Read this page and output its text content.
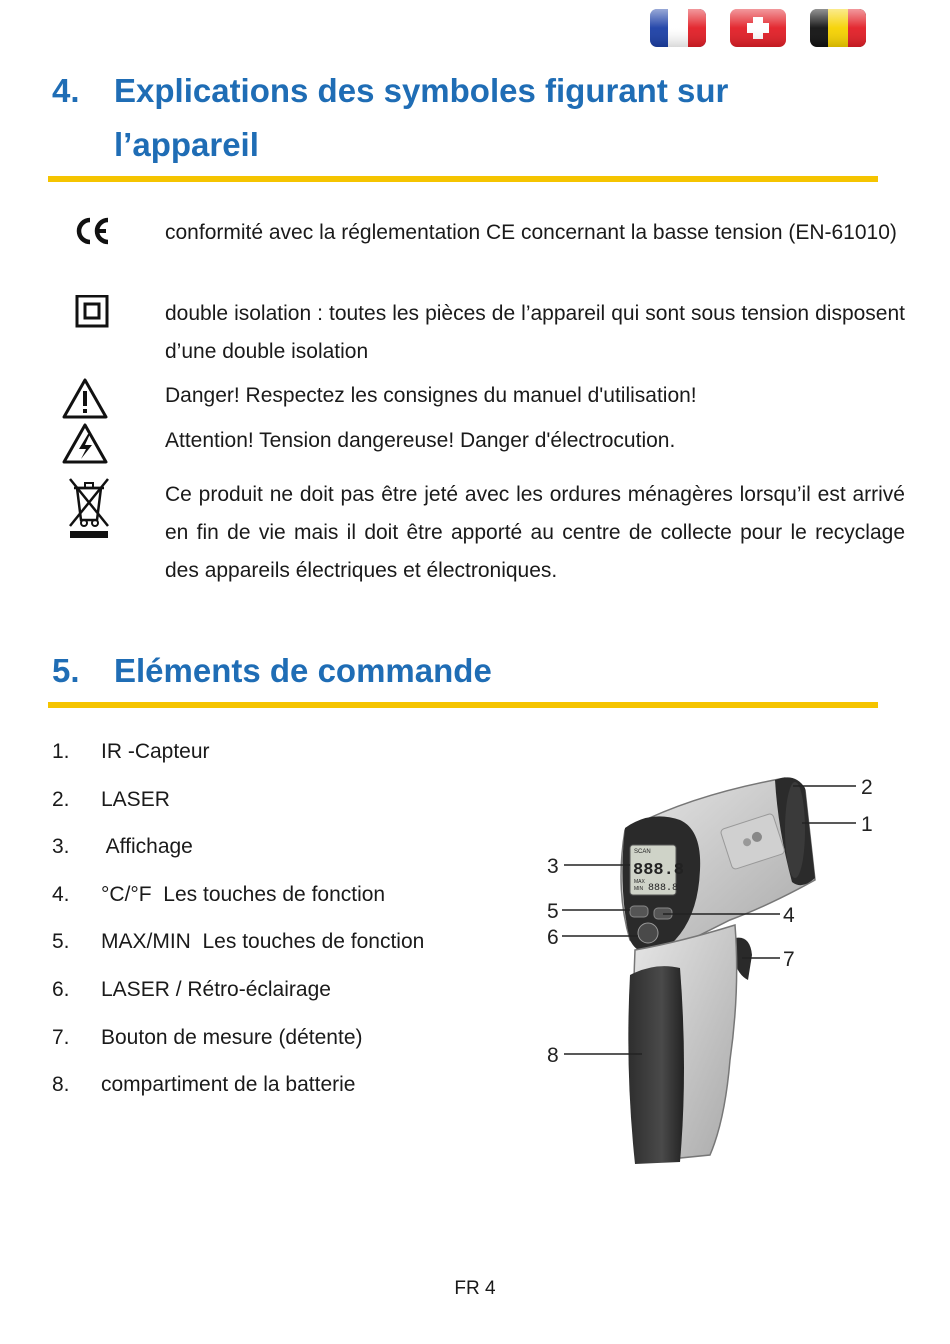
4. Explications des symboles figurant sur l’appareil
conformité avec la réglementation CE concernant la basse tension (EN-61010)
double isolation : toutes les pièces de l’appareil qui sont sous tension disposent d’une double isolation
Danger! Respectez les consignes du manuel d'utilisation!
Attention! Tension dangereuse! Danger d'électrocution.
Ce produit ne doit pas être jeté avec les ordures ménagères lorsqu’il est arrivé en fin de vie mais il doit être apporté au centre de collecte pour le recyclage des appareils électriques et électroniques.
5. Eléments de commande
1. IR -Capteur
2. LASER
3. Affichage
4. °C/°F  Les touches de fonction
5. MAX/MIN  Les touches de fonction
6. LASER / Rétro-éclairage
7. Bouton de mesure (détente)
8. compartiment de la batterie
SCAN
888.8
MAX
MIN 888.8
2
1
3
4
5
6
7
8
FR 4
